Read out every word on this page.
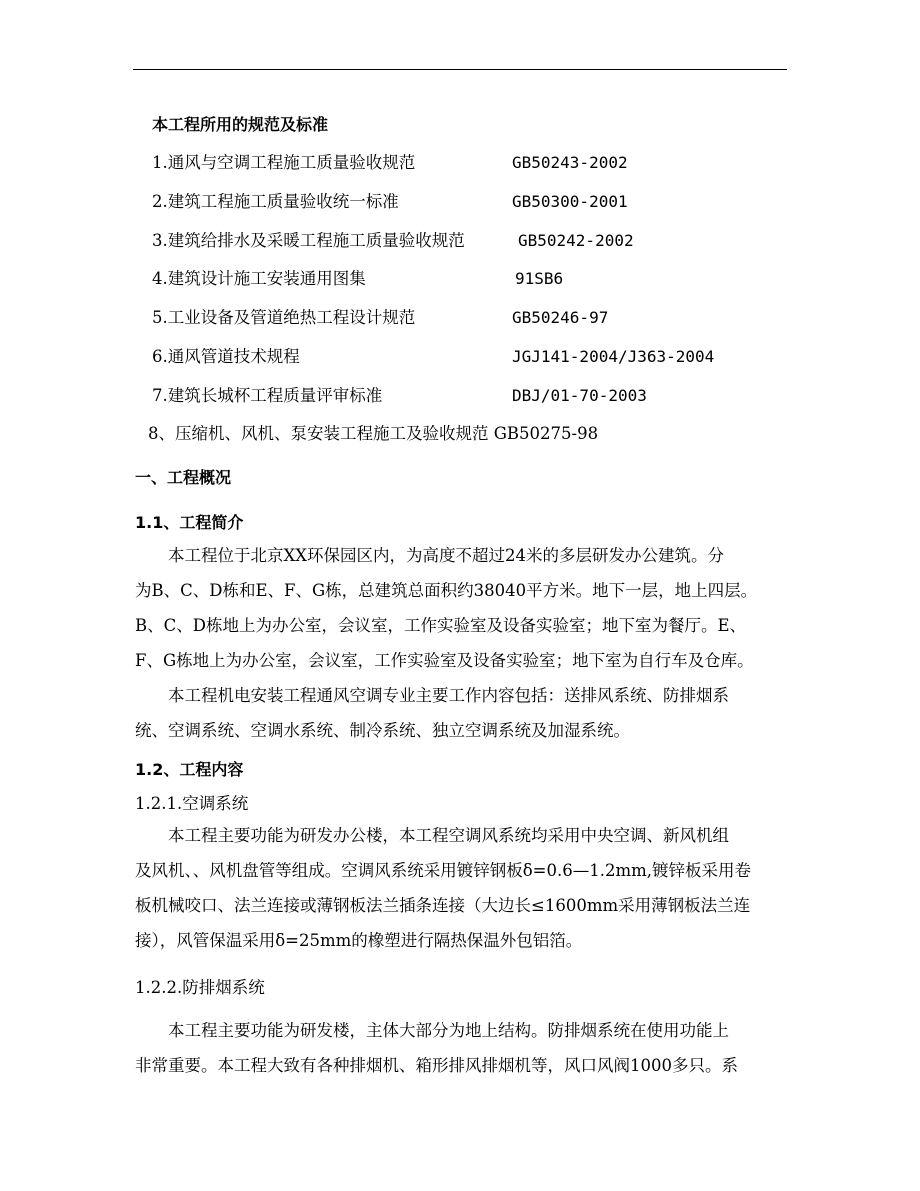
本工程所用的规范及标准
1.通风与空调工程施工质量验收规范	GB50243-2002
2.建筑工程施工质量验收统一标准	GB50300-2001
3.建筑给排水及采暖工程施工质量验收规范	GB50242-2002
4.建筑设计施工安装通用图集	91SB6
5.工业设备及管道绝热工程设计规范	GB50246-97
6.通风管道技术规程	JGJ141-2004/J363-2004
7.建筑长城杯工程质量评审标准	DBJ/01-70-2003
8、压缩机、风机、泵安装工程施工及验收规范 GB50275-98
一、工程概况
1.1、工程简介
　　本工程位于北京XX环保园区内，为高度不超过24米的多层研发办公建筑。分
为B、C、D栋和E、F、G栋，总建筑总面积约38040平方米。地下一层，地上四层。
B、C、D栋地上为办公室，会议室，工作实验室及设备实验室；地下室为餐厅。E、
F、G栋地上为办公室，会议室，工作实验室及设备实验室；地下室为自行车及仓库。
　　本工程机电安装工程通风空调专业主要工作内容包括：送排风系统、防排烟系
统、空调系统、空调水系统、制冷系统、独立空调系统及加湿系统。
1.2、工程内容
1.2.1.空调系统
　　本工程主要功能为研发办公楼，本工程空调风系统均采用中央空调、新风机组
及风机、、风机盘管等组成。空调风系统采用镀锌钢板δ=0.6—1.2mm,镀锌板采用卷
板机械咬口、法兰连接或薄钢板法兰插条连接（大边长≤1600mm采用薄钢板法兰连
接），风管保温采用δ=25mm的橡塑进行隔热保温外包铝箔。
1.2.2.防排烟系统
　　本工程主要功能为研发楼，主体大部分为地上结构。防排烟系统在使用功能上
非常重要。本工程大致有各种排烟机、箱形排风排烟机等，风口风阀1000多只。系
